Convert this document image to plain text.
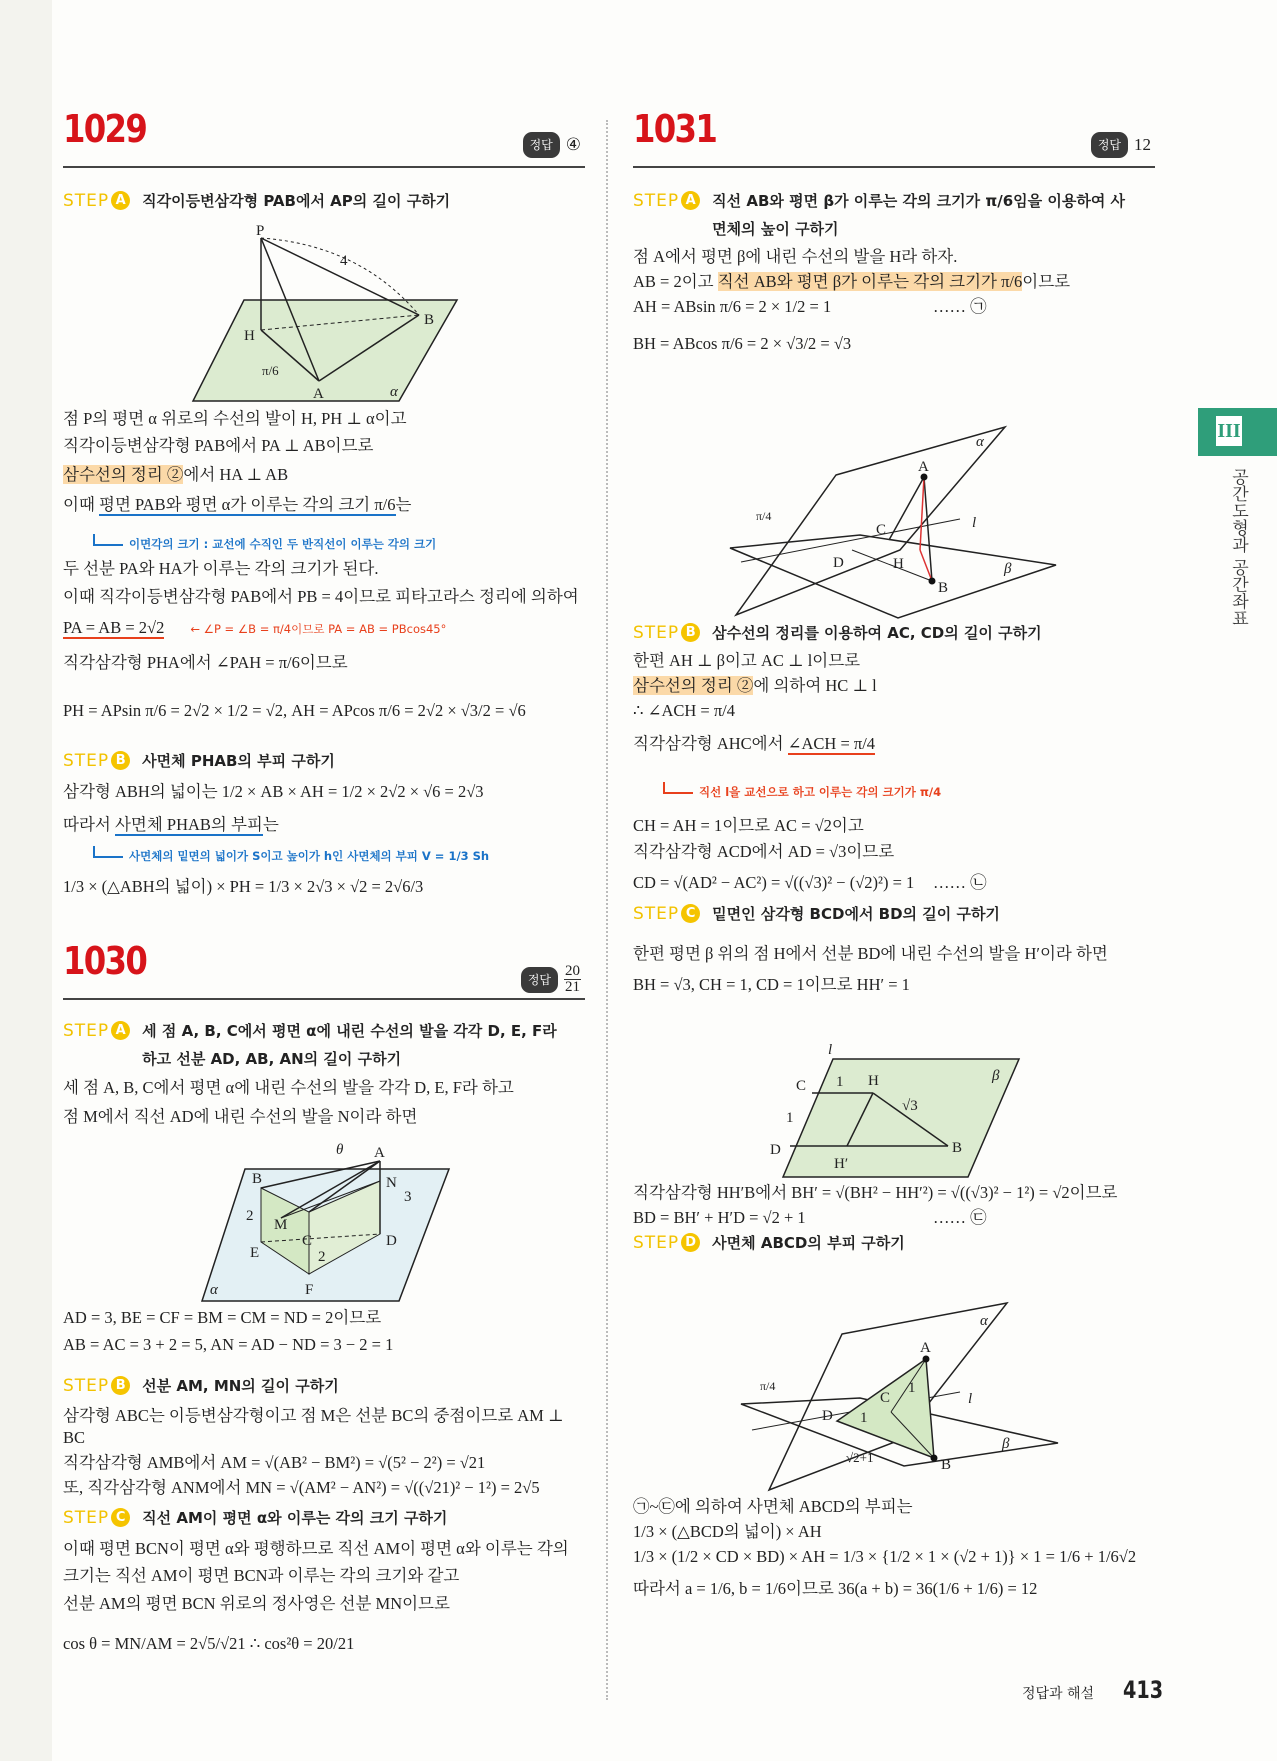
1029	정답 ④
STEP A 직각이등변삼각형 PAB에서 AP의 길이 구하기
점 P의 평면 α 위로의 수선의 발이 H, PH ⊥ α이고
직각이등변삼각형 PAB에서 PA ⊥ AB이므로
삼수선의 정리 ②에서 HA ⊥ AB
이때 평면 PAB와 평면 α가 이루는 각의 크기 π/6는
이면각의 크기 : 교선에 수직인 두 반직선이 이루는 각의 크기
두 선분 PA와 HA가 이루는 각의 크기가 된다.
이때 직각이등변삼각형 PAB에서 PB = 4이므로 피타고라스 정리에 의하여
PA = AB = 2√2 ← ∠P = ∠B = π/4이므로 PA = AB = PBcos45°
직각삼각형 PHA에서 ∠PAH = π/6이므로
PH = APsin π/6 = 2√2 × 1/2 = √2, AH = APcos π/6 = 2√2 × √3/2 = √6
STEP B	사면체 PHAB의 부피 구하기
삼각형 ABH의 넓이는 1/2 × AB × AH = 1/2 × 2√2 × √6 = 2√3
따라서 사면체 PHAB의 부피는
사면체의 밑면의 넓이가 S이고 높이가 h인 사면체의 부피 V = 1/3 Sh
1/3 × (△ABH의 넓이) × PH = 1/3 × 2√3 × √2 = 2√6/3
1030	정답 $\frac{20}{21}$
STEP A 세 점 A, B, C에서 평면 α에 내린 수선의 발을 각각 D, E, F라 하고 선분 AD, AB, AN의 길이 구하기
세 점 A, B, C에서 평면 α에 내린 수선의 발을 각각 D, E, F라 하고
점 M에서 직선 AD에 내린 수선의 발을 N이라 하면
AD = 3, BE = CF = BM = CM = ND = 2이므로
AB = AC = 3 + 2 = 5, AN = AD − ND = 3 − 2 = 1
STEP B	선분 AM, MN의 길이 구하기
삼각형 ABC는 이등변삼각형이고 점 M은 선분 BC의 중점이므로 AM ⊥ BC
직각삼각형 AMB에서 AM = √(AB² − BM²) = √(5² − 2²) = √21
또, 직각삼각형 ANM에서 MN = √(AM² − AN²) = √((√21)² − 1²) = 2√5
STEP C	직선 AM이 평면 α와 이루는 각의 크기 구하기
이때 평면 BCN이 평면 α와 평행하므로 직선 AM이 평면 α와 이루는 각의
크기는 직선 AM이 평면 BCN과 이루는 각의 크기와 같고
선분 AM의 평면 BCN 위로의 정사영은 선분 MN이므로
cos θ = MN/AM = 2√5/√21 ∴ cos²θ = 20/21
1031	정답 12
STEP A 직선 AB와 평면 β가 이루는 각의 크기가 π/6임을 이용하여 사면체의 높이 구하기
점 A에서 평면 β에 내린 수선의 발을 H라 하자.
AB = 2이고 직선 AB와 평면 β가 이루는 각의 크기가 π/6이므로
AH = ABsin π/6 = 2 × 1/2 = 1	…… ㉠
BH = ABcos π/6 = 2 × √3/2 = √3
STEP B	삼수선의 정리를 이용하여 AC, CD의 길이 구하기
한편 AH ⊥ β이고 AC ⊥ l이므로
삼수선의 정리 ②에 의하여 HC ⊥ l
∴ ∠ACH = π/4
직각삼각형 AHC에서 ∠ACH = π/4
직선 l을 교선으로 하고 이루는 각의 크기가 π/4
CH = AH = 1이므로 AC = √2이고
직각삼각형 ACD에서 AD = √3이므로
CD = √(AD² − AC²) = √((√3)² − (√2)²) = 1 …… ㉡
STEP C	밑면인 삼각형 BCD에서 BD의 길이 구하기
한편 평면 β 위의 점 H에서 선분 BD에 내린 수선의 발을 H′이라 하면
BH = √3, CH = 1, CD = 1이므로 HH′ = 1
직각삼각형 HH′B에서 BH′ = √(BH² − HH′²) = √((√3)² − 1²) = √2이므로
BD = BH′ + H′D = √2 + 1	…… ㉢
STEP D 사면체 ABCD의 부피 구하기
㉠~㉢에 의하여 사면체 ABCD의 부피는
1/3 × (△BCD의 넓이) × AH
1/3 × (1/2 × CD × BD) × AH = 1/3 × {1/2 × 1 × (√2 + 1)} × 1 = 1/6 + 1/6√2
따라서 a = 1/6, b = 1/6이므로 36(a + b) = 36(1/6 + 1/6) = 12
P
4
H
B
π/6
A	α
θ A
B	N
3
2
M
C
2
E
D
F
α
A
B
C
H
D
l
α
β
π/4
l
C 1 H
√3
1
D	B
H′
β
A
B
C
D
1
1
√2+1
l
α
β
π/4
III
공간도형과 공간좌표
정답과 해설 413
